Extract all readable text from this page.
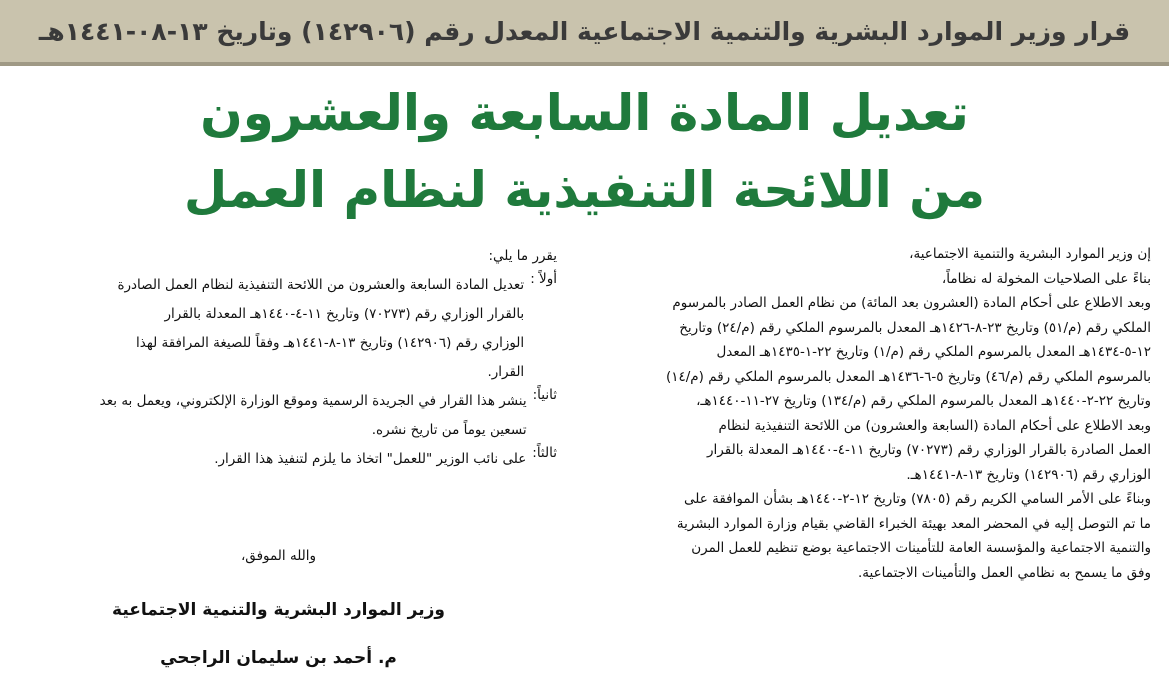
قرار وزير الموارد البشرية والتنمية الاجتماعية المعدل رقم (١٤٢٩٠٦) وتاريخ ١٣-٠٨-١٤٤١هـ
تعديل المادة السابعة والعشرون
من اللائحة التنفيذية لنظام العمل

إن وزير الموارد البشرية والتنمية الاجتماعية،

بناءً على الصلاحيات المخولة له نظاماً،

وبعد الاطلاع على أحكام المادة (العشرون بعد المائة) من نظام العمل الصادر بالمرسوم

الملكي رقم (م/٥١) وتاريخ ٢٣-٨-١٤٢٦هـ المعدل بالمرسوم الملكي رقم (م/٢٤) وتاريخ

١٢-٥-١٤٣٤هـ المعدل بالمرسوم الملكي رقم (م/١) وتاريخ ٢٢-١-١٤٣٥هـ المعدل

بالمرسوم الملكي رقم (م/٤٦) وتاريخ ٥-٦-١٤٣٦هـ المعدل بالمرسوم الملكي رقم (م/١٤)

وتاريخ ٢٢-٢-١٤٤٠هـ المعدل بالمرسوم الملكي رقم (م/١٣٤) وتاريخ ٢٧-١١-١٤٤٠هـ،

وبعد الاطلاع على أحكام المادة (السابعة والعشرون) من اللائحة التنفيذية لنظام

العمل الصادرة بالقرار الوزاري رقم (٧٠٢٧٣) وتاريخ ١١-٤-١٤٤٠هـ المعدلة بالقرار

الوزاري رقم (١٤٢٩٠٦) وتاريخ ١٣-٨-١٤٤١هـ.

وبناءً على الأمر السامي الكريم رقم (٧٨٠٥) وتاريخ ١٢-٢-١٤٤٠هـ بشأن الموافقة على

ما تم التوصل إليه في المحضر المعد بهيئة الخبراء القاضي بقيام وزارة الموارد البشرية

والتنمية الاجتماعية والمؤسسة العامة للتأمينات الاجتماعية بوضع تنظيم للعمل المرن

وفق ما يسمح به نظامي العمل والتأمينات الاجتماعية.

يقرر ما يلي:

أولاً :

تعديل المادة السابعة والعشرون من اللائحة التنفيذية لنظام العمل الصادرة

بالقرار الوزاري رقم (٧٠٢٧٣) وتاريخ ١١-٤-١٤٤٠هـ المعدلة بالقرار

الوزاري رقم (١٤٢٩٠٦) وتاريخ ١٣-٨-١٤٤١هـ وفقاً للصيغة المرافقة لهذا

القرار.

ثانياً:

ينشر هذا القرار في الجريدة الرسمية وموقع الوزارة الإلكتروني، ويعمل به بعد

تسعين يوماً من تاريخ نشره.

ثالثاً:

على نائب الوزير "للعمل" اتخاذ ما يلزم لتنفيذ هذا القرار.

والله الموفق،
وزير الموارد البشرية والتنمية الاجتماعية
م. أحمد بن سليمان الراجحي
